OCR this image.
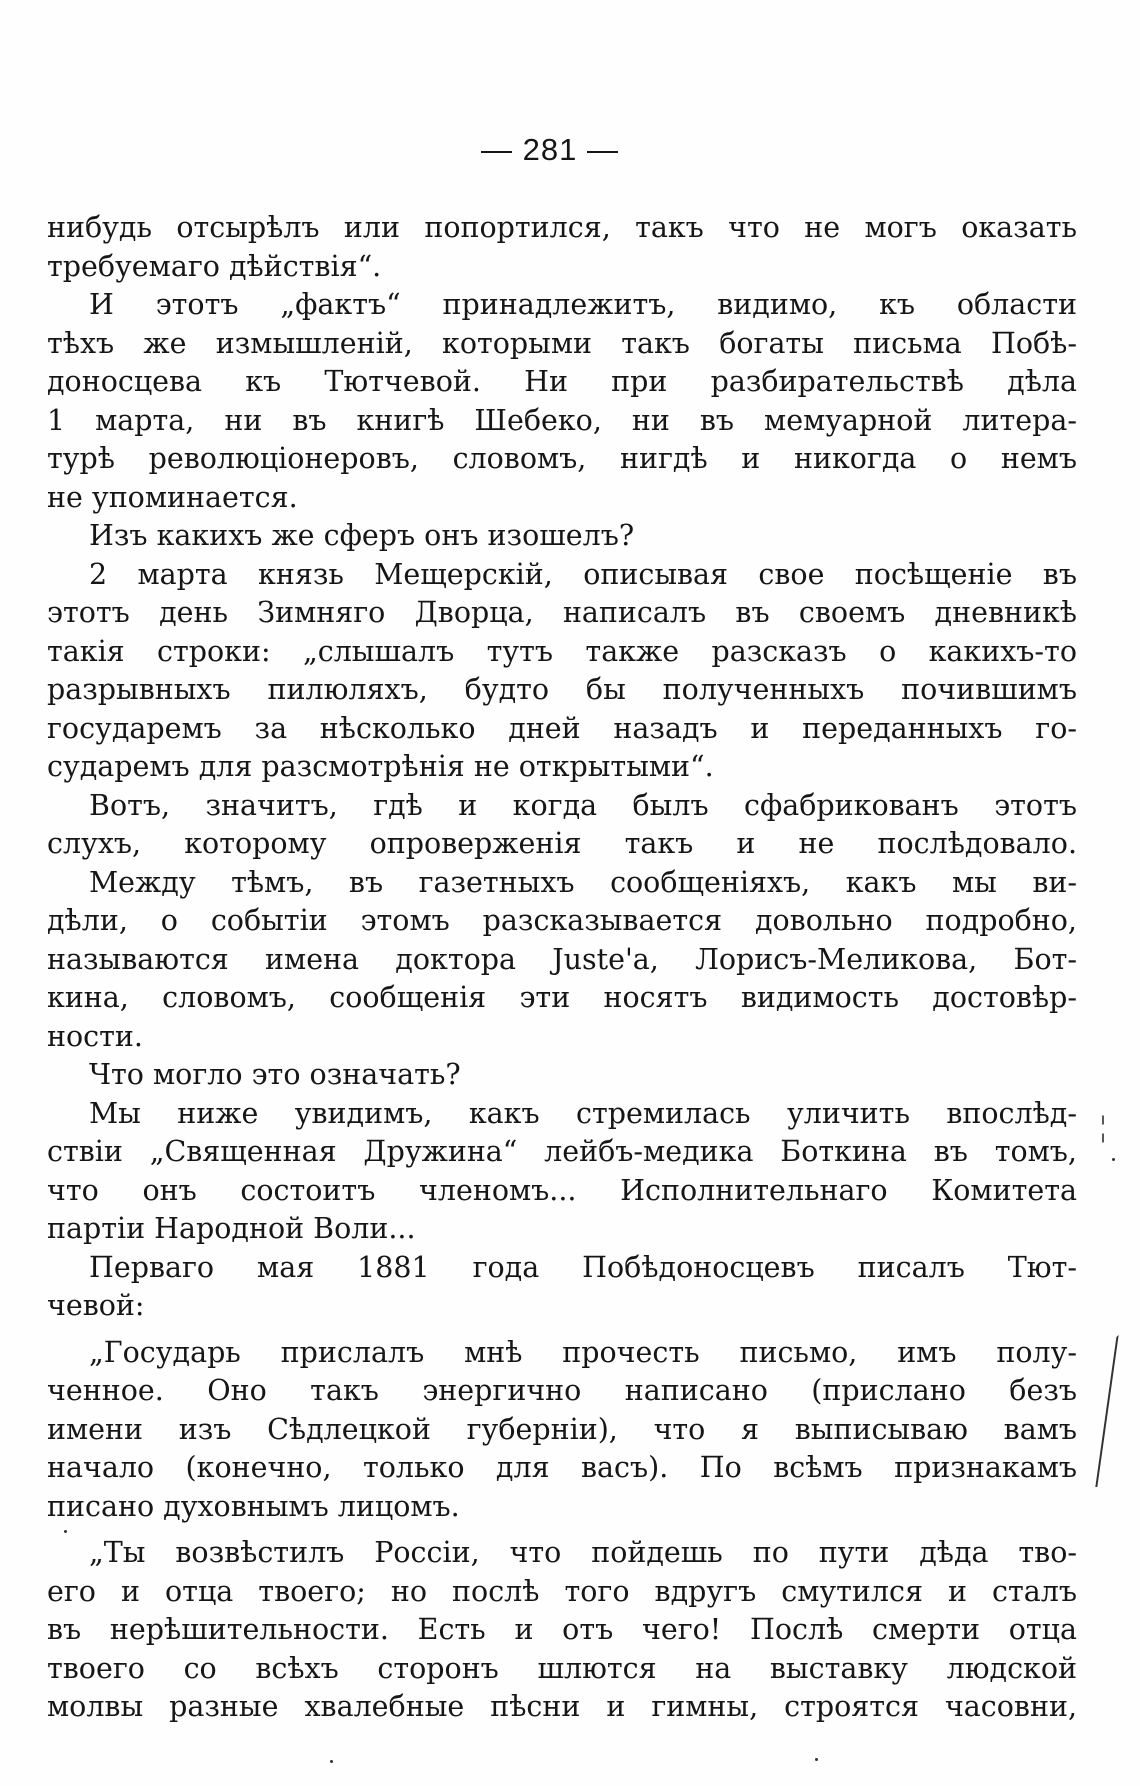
— 281 —
нибудь отсырѣлъ или попортился, такъ что не могъ оказать
требуемаго дѣйствія“.
И этотъ „фактъ“ принадлежитъ, видимо, къ области
тѣхъ же измышленій, которыми такъ богаты письма Побѣ-
доносцева къ Тютчевой. Ни при разбирательствѣ дѣла
1 марта, ни въ книгѣ Шебеко, ни въ мемуарной литера-
турѣ революціонеровъ, словомъ, нигдѣ и никогда о немъ
не упоминается.
Изъ какихъ же сферъ онъ изошелъ?
2 марта князь Мещерскій, описывая свое посѣщеніе въ
этотъ день Зимняго Дворца, написалъ въ своемъ дневникѣ
такія строки: „слышалъ тутъ также разсказъ о какихъ-то
разрывныхъ пилюляхъ, будто бы полученныхъ почившимъ
государемъ за нѣсколько дней назадъ и переданныхъ го-
сударемъ для разсмотрѣнія не открытыми“.
Вотъ, значитъ, гдѣ и когда былъ сфабрикованъ этотъ
слухъ, которому опроверженія такъ и не послѣдовало.
Между тѣмъ, въ газетныхъ сообщеніяхъ, какъ мы ви-
дѣли, о событіи этомъ разсказывается довольно подробно,
называются имена доктора Juste'а, Лорисъ-Меликова, Бот-
кина, словомъ, сообщенія эти носятъ видимость достовѣр-
ности.
Что могло это означать?
Мы ниже увидимъ, какъ стремилась уличить впослѣд-
ствіи „Священная Дружина“ лейбъ-медика Боткина въ томъ,
что онъ состоитъ членомъ... Исполнительнаго Комитета
партіи Народной Воли...
Перваго мая 1881 года Побѣдоносцевъ писалъ Тют-
чевой:
„Государь прислалъ мнѣ прочесть письмо, имъ полу-
ченное. Оно такъ энергично написано (прислано безъ
имени изъ Сѣдлецкой губерніи), что я выписываю вамъ
начало (конечно, только для васъ). По всѣмъ признакамъ
писано духовнымъ лицомъ.
„Ты возвѣстилъ Россіи, что пойдешь по пути дѣда тво-
его и отца твоего; но послѣ того вдругъ смутился и сталъ
въ нерѣшительности. Есть и отъ чего! Послѣ смерти отца
твоего со всѣхъ сторонъ шлются на выставку людской
молвы разные хвалебные пѣсни и гимны, строятся часовни,
¦
